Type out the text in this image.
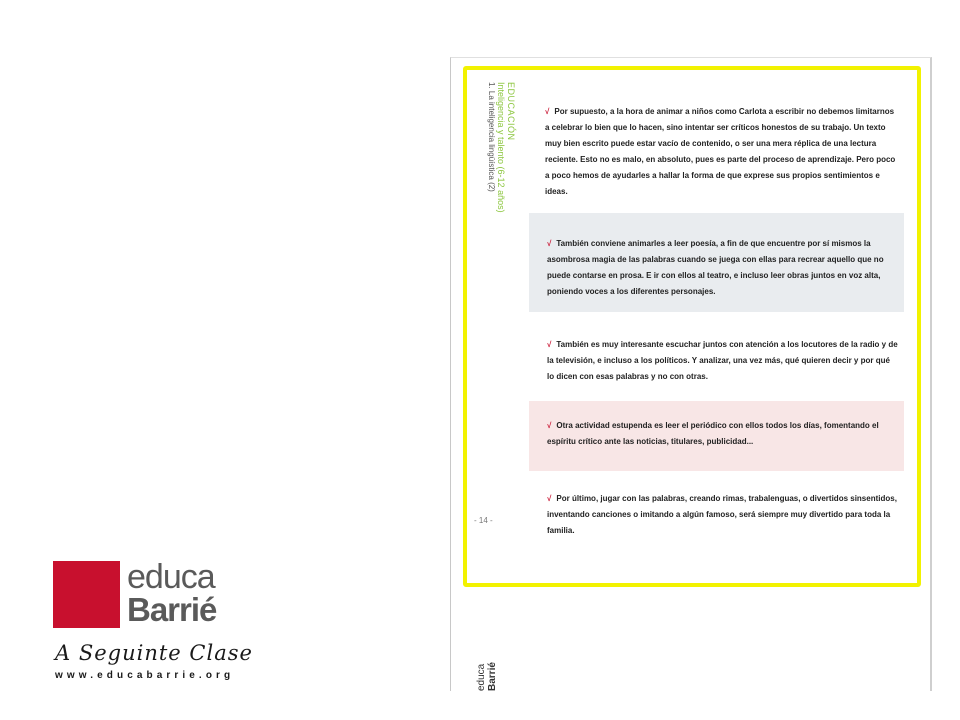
educa
Barrié
A Seguinte Clase
www.educabarrie.org
EDUCACIÓN
Inteligencia y talento (6-12 años)
1. La inteligencia lingüística (2)	√ Por supuesto, a la hora de animar a niños como Carlota a escribir no debemos limitarnos a celebrar lo bien que lo hacen, sino intentar ser críticos honestos de su trabajo. Un texto muy bien escrito puede estar vacío de contenido, o ser una mera réplica de una lectura reciente. Esto no es malo, en absoluto, pues es parte del proceso de aprendizaje. Pero poco a poco hemos de ayudarles a hallar la forma de que exprese sus propios sentimientos e ideas.
√ También conviene animarles a leer poesía, a fin de que encuentre por sí mismos la asombrosa magia de las palabras cuando se juega con ellas para recrear aquello que no puede contarse en prosa. E ir con ellos al teatro, e incluso leer obras juntos en voz alta, poniendo voces a los diferentes personajes.
√ También es muy interesante escuchar juntos con atención a los locutores de la radio y de la televisión, e incluso a los políticos. Y analizar, una vez más, qué quieren decir y por qué lo dicen con esas palabras y no con otras.
√ Otra actividad estupenda es leer el periódico con ellos todos los días, fomentando el espíritu crítico ante las noticias, titulares, publicidad...
√ Por último, jugar con las palabras, creando rimas, trabalenguas, o divertidos sinsentidos, inventando canciones o imitando a algún famoso, será siempre muy divertido para toda la familia.
- 14 -
educa Barrié
